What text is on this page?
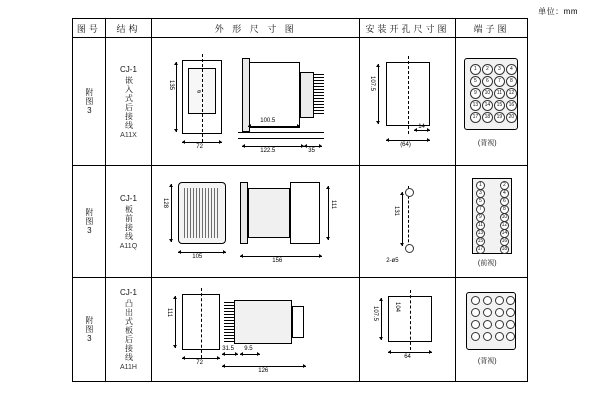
单位：mm
图号	结构	外 形 尺 寸 图	安装开孔尺寸图	端子图

附图3

CJ-1
嵌入式后接线
A11X

⌀
135
72
100.5
122.5	35

107.5
14
(64)

1	2	3	4
5	6	7	8
9	10	11	12
13	14	15	16
17	18	19	20
(背视)

附图3

CJ-1
板前接线
A11Q

128
105
156
111

131
2-ø5

1	2
3	4
5	6
7	8
9	10
11	12
13	14
15	16
17	18
(前视)

附图3

CJ-1
凸出式板后接线
A11H

111
72
31.5 9.5
126

107.5	104
64

(背视)
